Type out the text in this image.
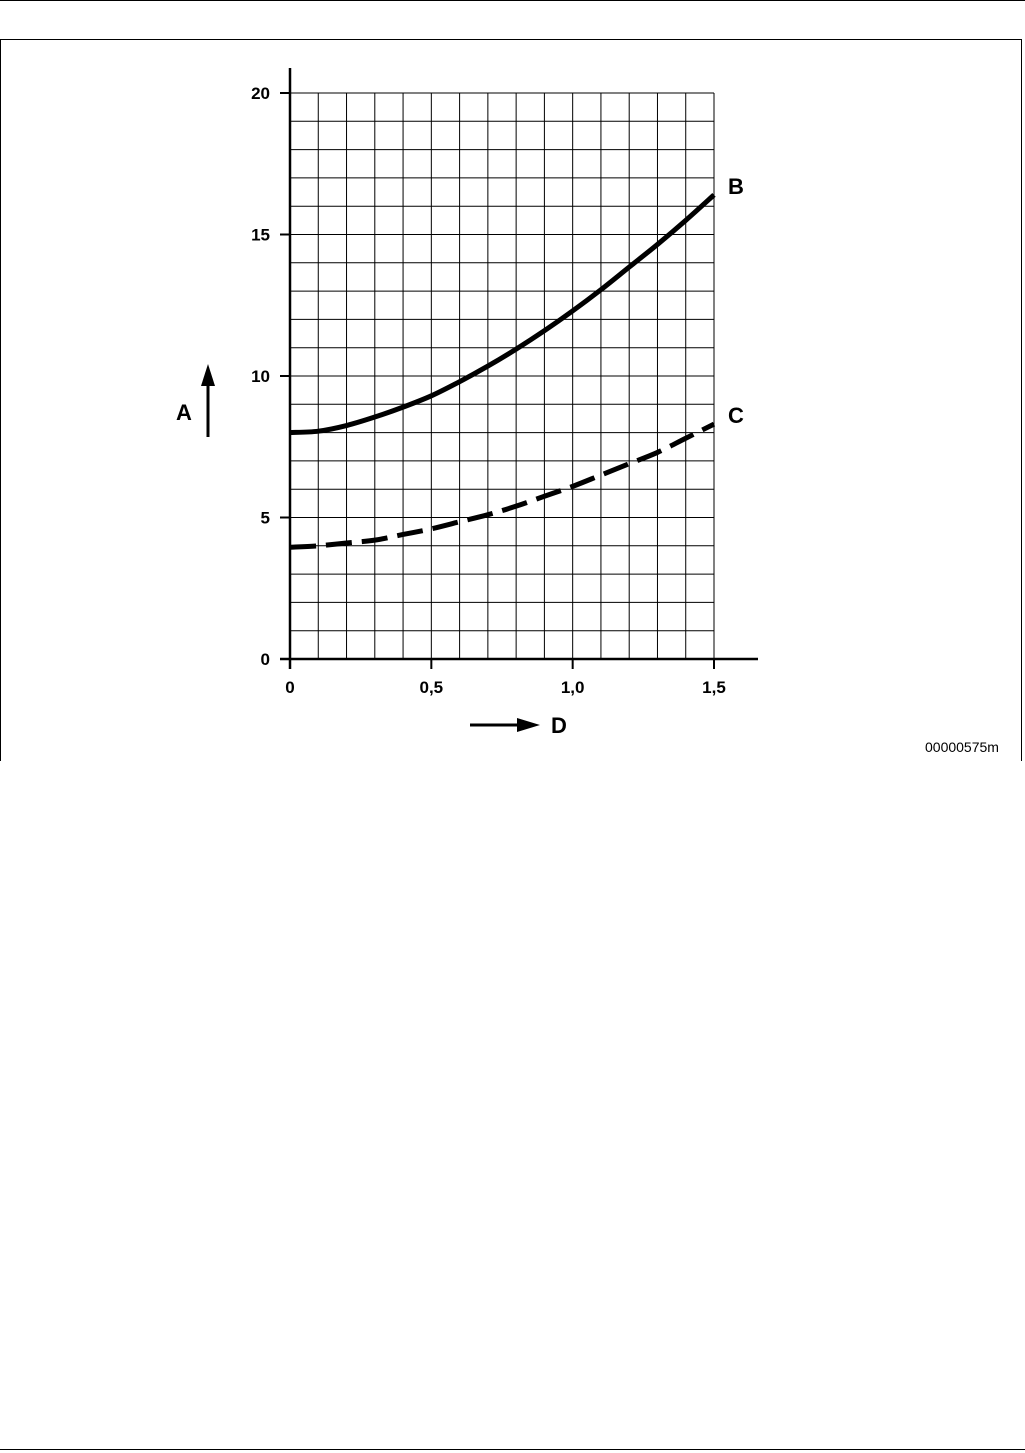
0
5
10
15
20
0	0,5	1,0	1,5
B
C
A
D
00000575m
